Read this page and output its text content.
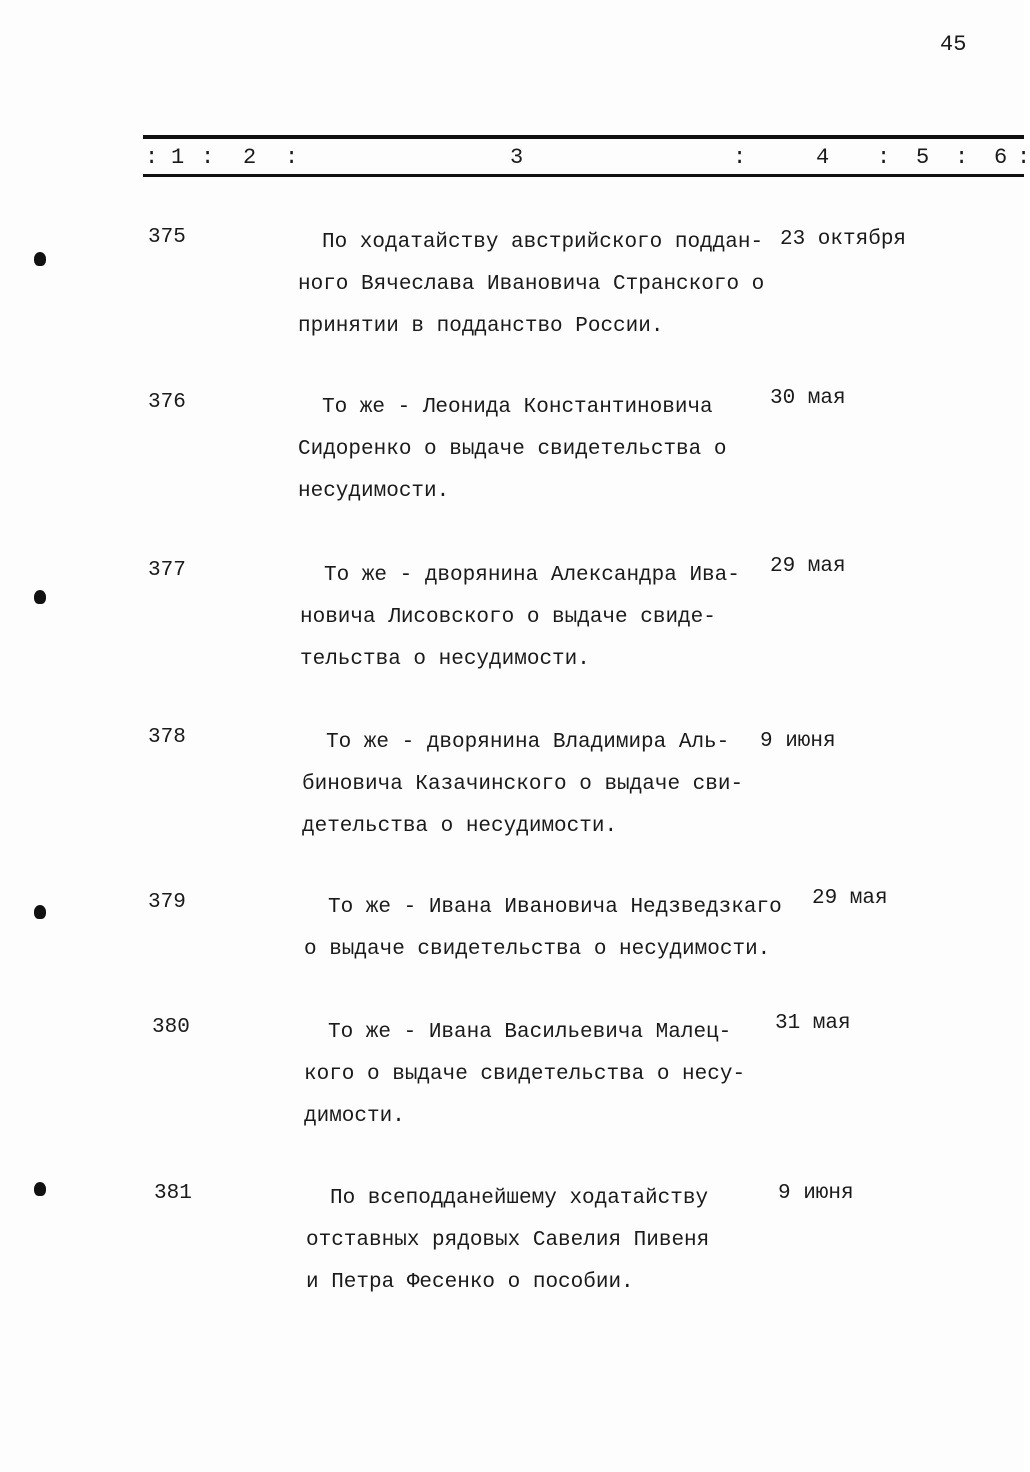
45
: 1 : 2 :	3	:	4 : 5 : 6 :
375	По ходатайству австрийского поддан-
ного Вячеслава Ивановича Странского о
принятии в подданство России.
23 октября
376	То же - Леонида Константиновича
Сидоренко о выдаче свидетельства о
несудимости.
30 мая
377	То же - дворянина Александра Ива-
новича Лисовского о выдаче свиде-
тельства о несудимости.
29 мая
378	То же - дворянина Владимира Аль-
биновича Казачинского о выдаче сви-
детельства о несудимости.
9 июня
379	То же - Ивана Ивановича Недзведзкаго
о выдаче свидетельства о несудимости.
29 мая
380	То же - Ивана Васильевича Малец-
кого о выдаче свидетельства о несу-
димости.
31 мая
381	По всеподданейшему ходатайству
отставных рядовых Савелия Пивеня
и Петра Фесенко о пособии.
9 июня
